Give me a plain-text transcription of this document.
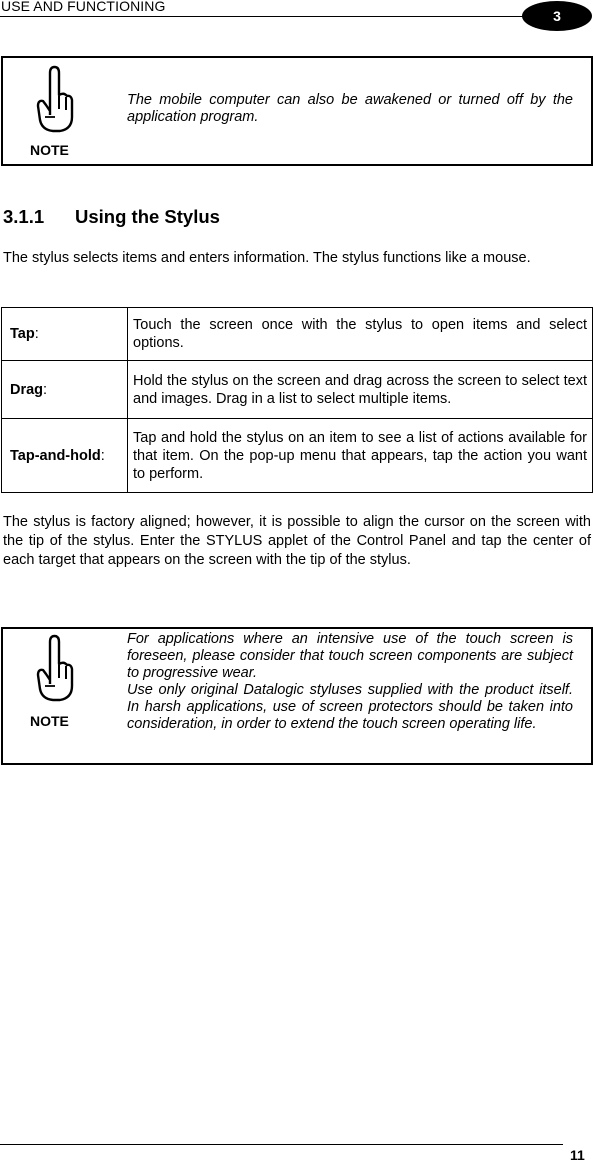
USE AND FUNCTIONING
3
NOTE
The mobile computer can also be awakened or turned off by the application program.
3.1.1 Using the Stylus
The stylus selects items and enters information. The stylus functions like a mouse.
Tap:	Touch the screen once with the stylus to open items and select options.
Drag:	Hold the stylus on the screen and drag across the screen to select text and images. Drag in a list to select multiple items.
Tap-and-hold:	Tap and hold the stylus on an item to see a list of actions available for that item. On the pop-up menu that appears, tap the action you want to perform.
The stylus is factory aligned; however, it is possible to align the cursor on the screen with the tip of the stylus. Enter the STYLUS applet of the Control Panel and tap the center of each target that appears on the screen with the tip of the stylus.
NOTE
For applications where an intensive use of the touch screen is foreseen, please consider that touch screen components are subject to progressive wear.
Use only original Datalogic styluses supplied with the product itself. In harsh applications, use of screen protectors should be taken into consideration, in order to extend the touch screen operating life.
11
